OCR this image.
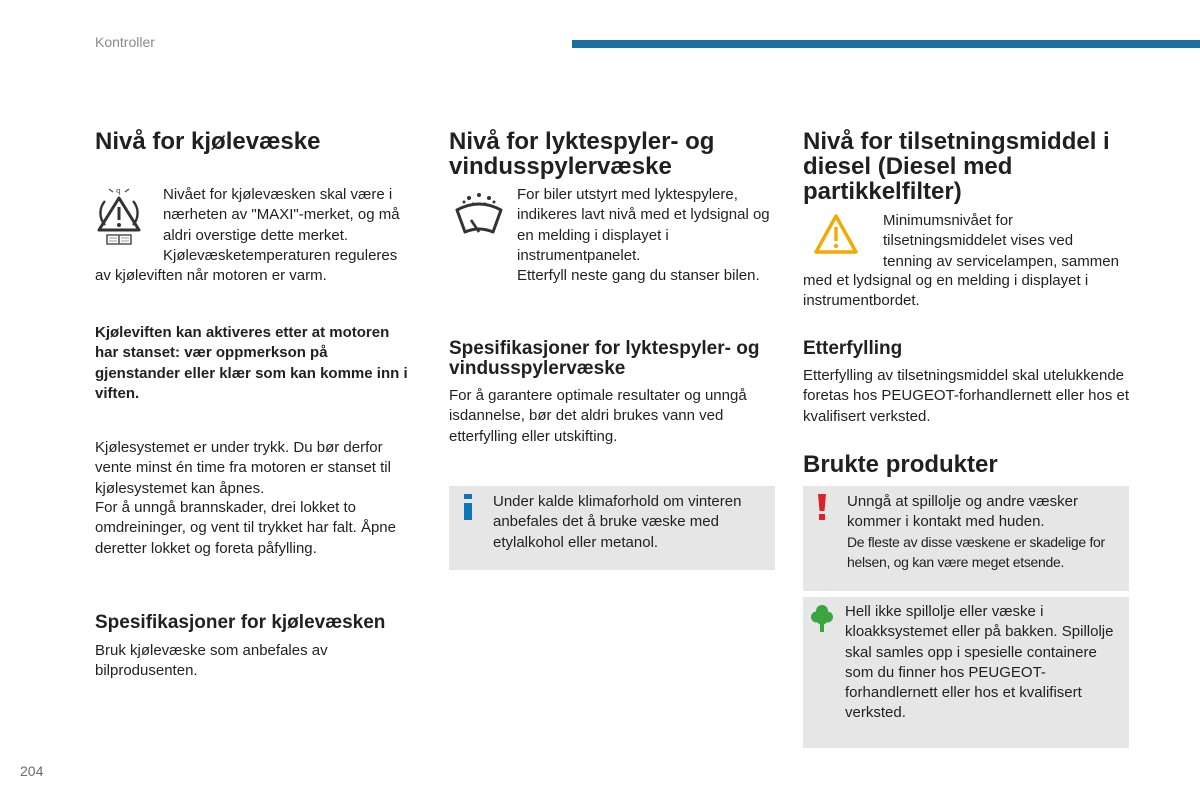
Kontroller
Nivå for kjølevæske
ꟼ	Nivået for kjølevæsken skal være i

nærheten av "MAXI"-merket, og må

aldri overstige dette merket.

Kjølevæsketemperaturen reguleres

av kjøleviften når motoren er varm.

Kjøleviften kan aktiveres etter at motoren har stanset: vær oppmerkson på gjenstander eller klær som kan komme inn i viften.

Kjølesystemet er under trykk. Du bør derfor vente minst én time fra motoren er stanset til kjølesystemet kan åpnes.

For å unngå brannskader, drei lokket to omdreininger, og vent til trykket har falt. Åpne deretter lokket og foreta påfylling.

Spesifikasjoner for kjølevæsken

Bruk kjølevæske som anbefales av bilprodusenten.

Nivå for lyktespyler- og vindusspylervæske

For biler utstyrt med lyktespylere, indikeres lavt nivå med et lydsignal og en melding i displayet i instrumentpanelet.

Etterfyll neste gang du stanser bilen.

Spesifikasjoner for lyktespyler- og vindusspylervæske

For å garantere optimale resultater og unngå isdannelse, bør det aldri brukes vann ved etterfylling eller utskifting.

Under kalde klimaforhold om vinteren anbefales det å bruke væske med etylalkohol eller metanol.

Nivå for tilsetningsmiddel i diesel (Diesel med partikkelfilter)

Minimumsnivået for

tilsetningsmiddelet vises ved

tenning av servicelampen, sammen

med et lydsignal og en melding i displayet i instrumentbordet.

Etterfylling

Etterfylling av tilsetningsmiddel skal utelukkende foretas hos PEUGEOT-forhandlernett eller hos et kvalifisert verksted.

Brukte produkter

Unngå at spillolje og andre væsker kommer i kontakt med huden.

De fleste av disse væskene er skadelige for helsen, og kan være meget etsende.

Hell ikke spillolje eller væske i kloakksystemet eller på bakken. Spillolje skal samles opp i spesielle containere som du finner hos PEUGEOT-forhandlernett eller hos et kvalifisert verksted.

204
